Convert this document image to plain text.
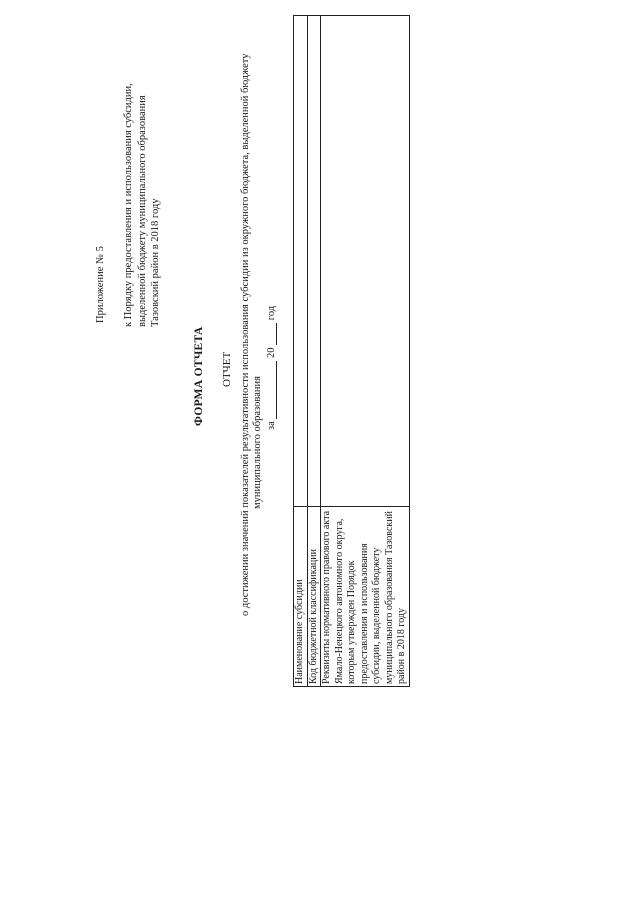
Приложение № 5 к Порядку предоставления и использования субсидии, выделенной бюджету муниципального образования Тазовский район в 2018 году
ФОРМА ОТЧЕТА ОТЧЕТ о достижении значений показателей результативности использования субсидии из окружного бюджета, выделенной бюджету муниципального образования за  20  год
Наименование субсидии	
Код бюджетной классификации	
Реквизиты нормативного правового акта Ямало-Ненецкого автономного округа, которым утвержден Порядок предоставления и использования субсидии, выделенной бюджету муниципального образования Тазовский район в 2018 году	
